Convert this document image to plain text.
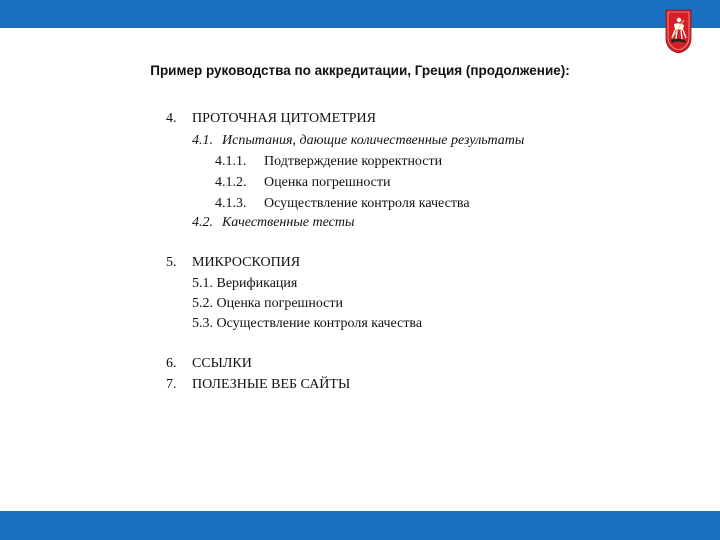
Пример руководства по аккредитации, Греция (продолжение):
4. ПРОТОЧНАЯ ЦИТОМЕТРИЯ
4.1. Испытания, дающие количественные результаты
4.1.1. Подтверждение корректности
4.1.2. Оценка погрешности
4.1.3. Осуществление контроля качества
4.2. Качественные тесты
5. МИКРОСКОПИЯ
5.1. Верификация
5.2. Оценка погрешности
5.3. Осуществление контроля качества
6. ССЫЛКИ
7. ПОЛЕЗНЫЕ ВЕБ САЙТЫ
